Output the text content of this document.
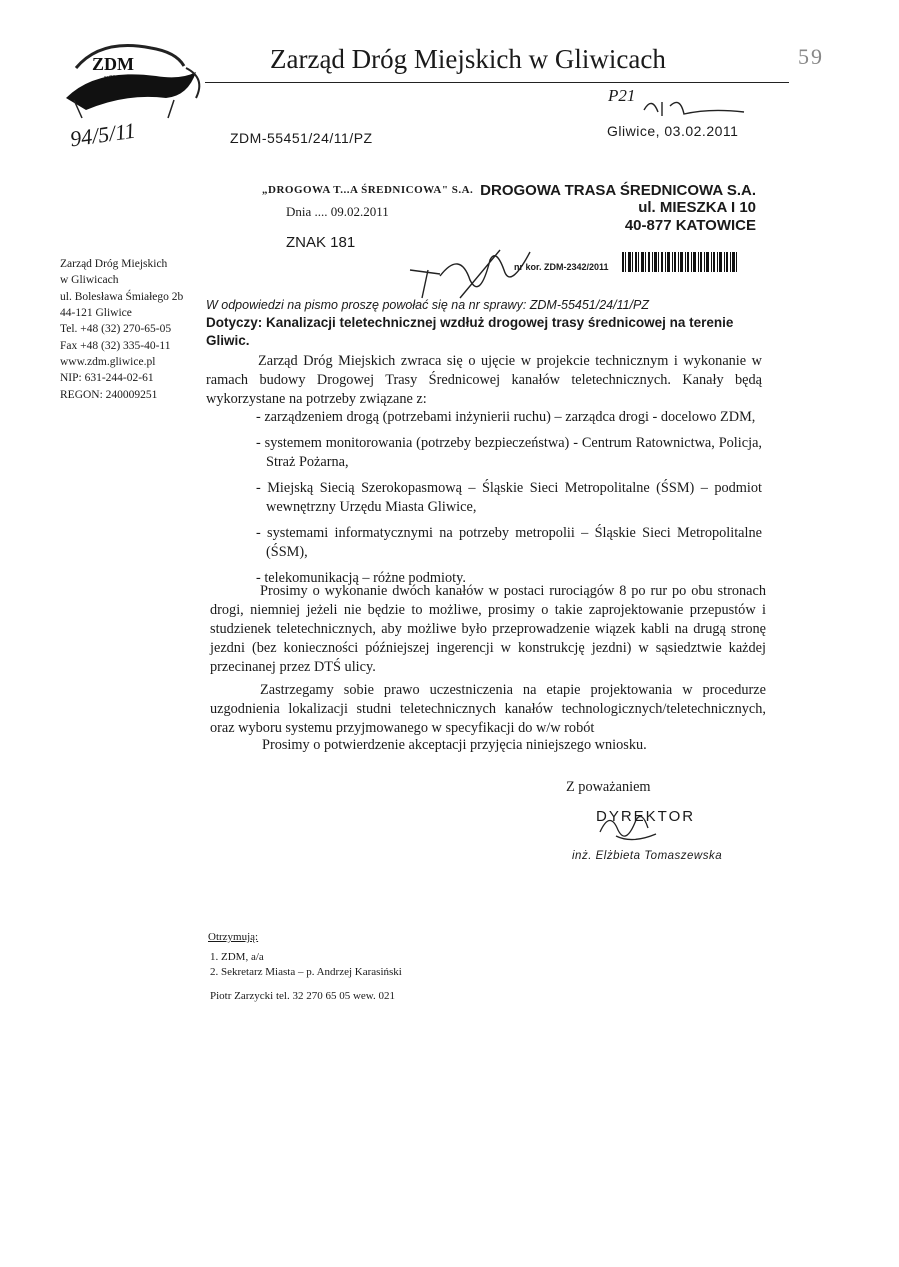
ZDM
w Gliwicach
Zarząd Dróg Miejskich w Gliwicach	59
94/5/11	ZDM-55451/24/11/PZ
P21
Gliwice, 03.02.2011
„DROGOWA T...A ŚREDNICOWA" S.A.
Dnia .... 09.02.2011
ZNAK 181
DROGOWA TRASA ŚREDNICOWA S.A.
ul. MIESZKA I 10
40-877 KATOWICE
nr kor. ZDM-2342/2011
Zarząd Dróg Miejskich
w Gliwicach
ul. Bolesława Śmiałego 2b
44-121 Gliwice
Tel. +48 (32) 270-65-05
Fax +48 (32) 335-40-11
www.zdm.gliwice.pl
NIP: 631-244-02-61
REGON: 240009251
W odpowiedzi na pismo proszę powołać się na nr sprawy: ZDM-55451/24/11/PZ
Dotyczy: Kanalizacji teletechnicznej wzdłuż drogowej trasy średnicowej na terenie Gliwic.
Zarząd Dróg Miejskich zwraca się o ujęcie w projekcie technicznym i wykonanie w ramach budowy Drogowej Trasy Średnicowej kanałów teletechnicznych. Kanały będą wykorzystane na potrzeby związane z:
- zarządzeniem drogą (potrzebami inżynierii ruchu) – zarządca drogi - docelowo ZDM,
- systemem monitorowania (potrzeby bezpieczeństwa) - Centrum Ratownictwa, Policja, Straż Pożarna,
- Miejską Siecią Szerokopasmową – Śląskie Sieci Metropolitalne (ŚSM) – podmiot wewnętrzny Urzędu Miasta Gliwice,
- systemami informatycznymi na potrzeby metropolii – Śląskie Sieci Metropolitalne (ŚSM),
- telekomunikacją – różne podmioty.
Prosimy o wykonanie dwóch kanałów w postaci rurociągów 8 po rur po obu stronach drogi, niemniej jeżeli nie będzie to możliwe, prosimy o takie zaprojektowanie przepustów i studzienek teletechnicznych, aby możliwe było przeprowadzenie wiązek kabli na drugą stronę jezdni (bez konieczności późniejszej ingerencji w konstrukcję jezdni) w sąsiedztwie każdej przecinanej przez DTŚ ulicy.
Zastrzegamy sobie prawo uczestniczenia na etapie projektowania w procedurze uzgodnienia lokalizacji studni teletechnicznych kanałów technologicznych/teletechnicznych, oraz wyboru systemu przyjmowanego w specyfikacji do w/w robót
Prosimy o potwierdzenie akceptacji przyjęcia niniejszego wniosku.
Z poważaniem
DYREKTOR
inż. Elżbieta Tomaszewska
Otrzymują:
1. ZDM, a/a
2. Sekretarz Miasta – p. Andrzej Karasiński
Piotr Zarzycki tel. 32 270 65 05 wew. 021
